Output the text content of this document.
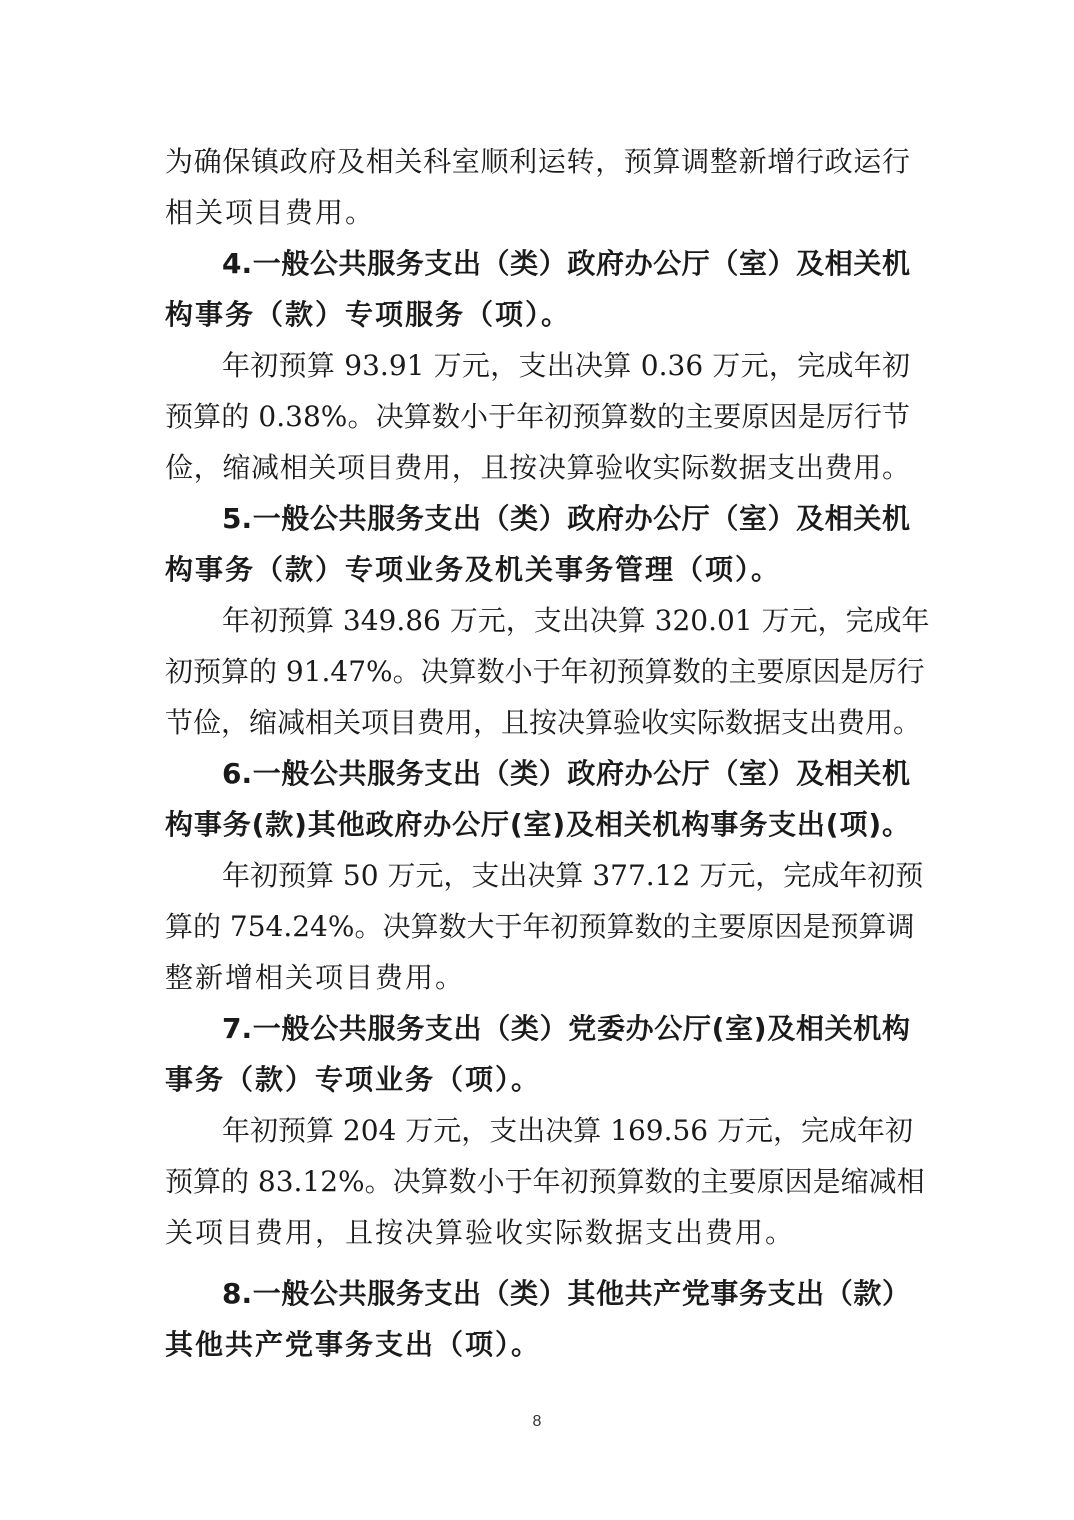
为确保镇政府及相关科室顺利运转，预算调整新增行政运行
相关项目费用。
4.一般公共服务支出（类）政府办公厅（室）及相关机
构事务（款）专项服务（项）。
年初预算 93.91 万元，支出决算 0.36 万元，完成年初
预算的 0.38%。决算数小于年初预算数的主要原因是厉行节
俭，缩减相关项目费用，且按决算验收实际数据支出费用。
5.一般公共服务支出（类）政府办公厅（室）及相关机
构事务（款）专项业务及机关事务管理（项）。
年初预算 349.86 万元，支出决算 320.01 万元，完成年
初预算的 91.47%。决算数小于年初预算数的主要原因是厉行
节俭，缩减相关项目费用，且按决算验收实际数据支出费用。
6.一般公共服务支出（类）政府办公厅（室）及相关机
构事务(款)其他政府办公厅(室)及相关机构事务支出(项)。
年初预算 50 万元，支出决算 377.12 万元，完成年初预
算的 754.24%。决算数大于年初预算数的主要原因是预算调
整新增相关项目费用。
7.一般公共服务支出（类）党委办公厅(室)及相关机构
事务（款）专项业务（项）。
年初预算 204 万元，支出决算 169.56 万元，完成年初
预算的 83.12%。决算数小于年初预算数的主要原因是缩减相
关项目费用，且按决算验收实际数据支出费用。
8.一般公共服务支出（类）其他共产党事务支出（款）
其他共产党事务支出（项）。
8
